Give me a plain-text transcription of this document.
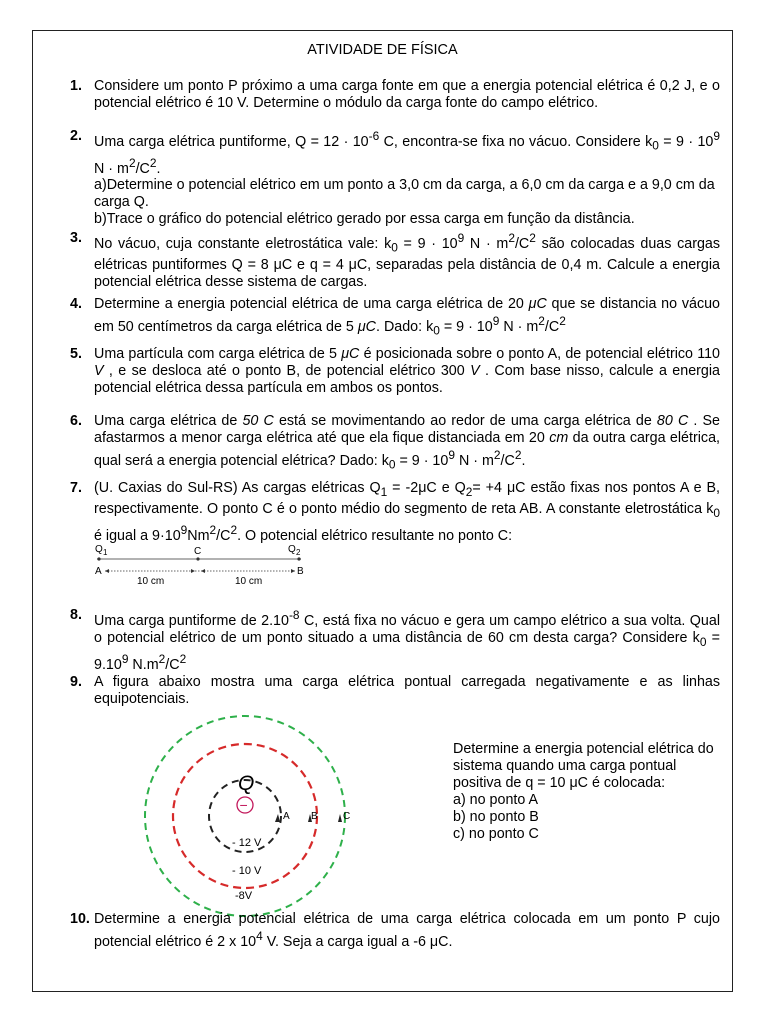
ATIVIDADE DE FÍSICA
1. Considere um ponto P próximo a uma carga fonte em que a energia potencial elétrica é 0,2 J, e o potencial elétrico é 10 V. Determine o módulo da carga fonte do campo elétrico.

2. Uma carga elétrica puntiforme, $Q = 12 \cdot 10^{-6}$ C, encontra-se fixa no vácuo. Considere $k_0 = 9 \cdot 10^9$ $N \cdot m^2/C^2$.

a)Determine o potencial elétrico em um ponto a 3,0 cm da carga, a 6,0 cm da carga e a 9,0 cm da carga Q.

b)Trace o gráfico do potencial elétrico gerado por essa carga em função da distância.

3. No vácuo, cuja constante eletrostática vale: $k_0 = 9 \cdot 10^9$ $N \cdot m^2/C^2$ são colocadas duas cargas elétricas puntiformes Q = 8 μC e q = 4 μC, separadas pela distância de 0,4 m. Calcule a energia potencial elétrica desse sistema de cargas.

4. Determine a energia potencial elétrica de uma carga elétrica de 20 μC que se distancia no vácuo em 50 centímetros da carga elétrica de 5 μC. Dado: $k_0 = 9 \cdot 10^9$ $N \cdot m^2/C^2$

5. Uma partícula com carga elétrica de 5 μC é posicionada sobre o ponto A, de potencial elétrico 110 V , e se desloca até o ponto B, de potencial elétrico 300 V . Com base nisso, calcule a energia potencial elétrica dessa partícula em ambos os pontos.

6. Uma carga elétrica de 50 C está se movimentando ao redor de uma carga elétrica de 80 C . Se afastarmos a menor carga elétrica até que ela fique distanciada em 20 cm da outra carga elétrica, qual será a energia potencial elétrica? Dado: $k_0 = 9 \cdot 10^9$ $N \cdot m^2/C^2$.

7. (U. Caxias do Sul-RS) As cargas elétricas $Q_1 = -2\mu C$ e $Q_2= +4$ μC estão fixas nos pontos A e B, respectivamente. O ponto C é o ponto médio do segmento de reta AB. A constante eletrostática $k_0$ é igual a $9\cdot 10^9Nm^2/C^2$. O potencial elétrico resultante no ponto C:

Q 1	C	Q 2
A	B
10 cm	10 cm
8. Uma carga puntiforme de $2.10^{-8}$ C, está fixa no vácuo e gera um campo elétrico a sua volta. Qual o potencial elétrico de um ponto situado a uma distância de 60 cm desta carga? Considere $k_0 = 9.10^9$ $N.m^2/C^2$

9. A figura abaixo mostra uma carga elétrica pontual carregada negativamente e as linhas equipotenciais.

Q
−
A B	C
- 12 V
- 10 V
-8V

Determine a energia potencial elétrica do sistema quando uma carga pontual positiva de q = 10 μC é colocada:

a) no ponto A

b) no ponto B

c) no ponto C

10. Determine a energia potencial elétrica de uma carga elétrica colocada em um ponto P cujo potencial elétrico é 2 x $10^4$ V. Seja a carga igual a -6 μC.
